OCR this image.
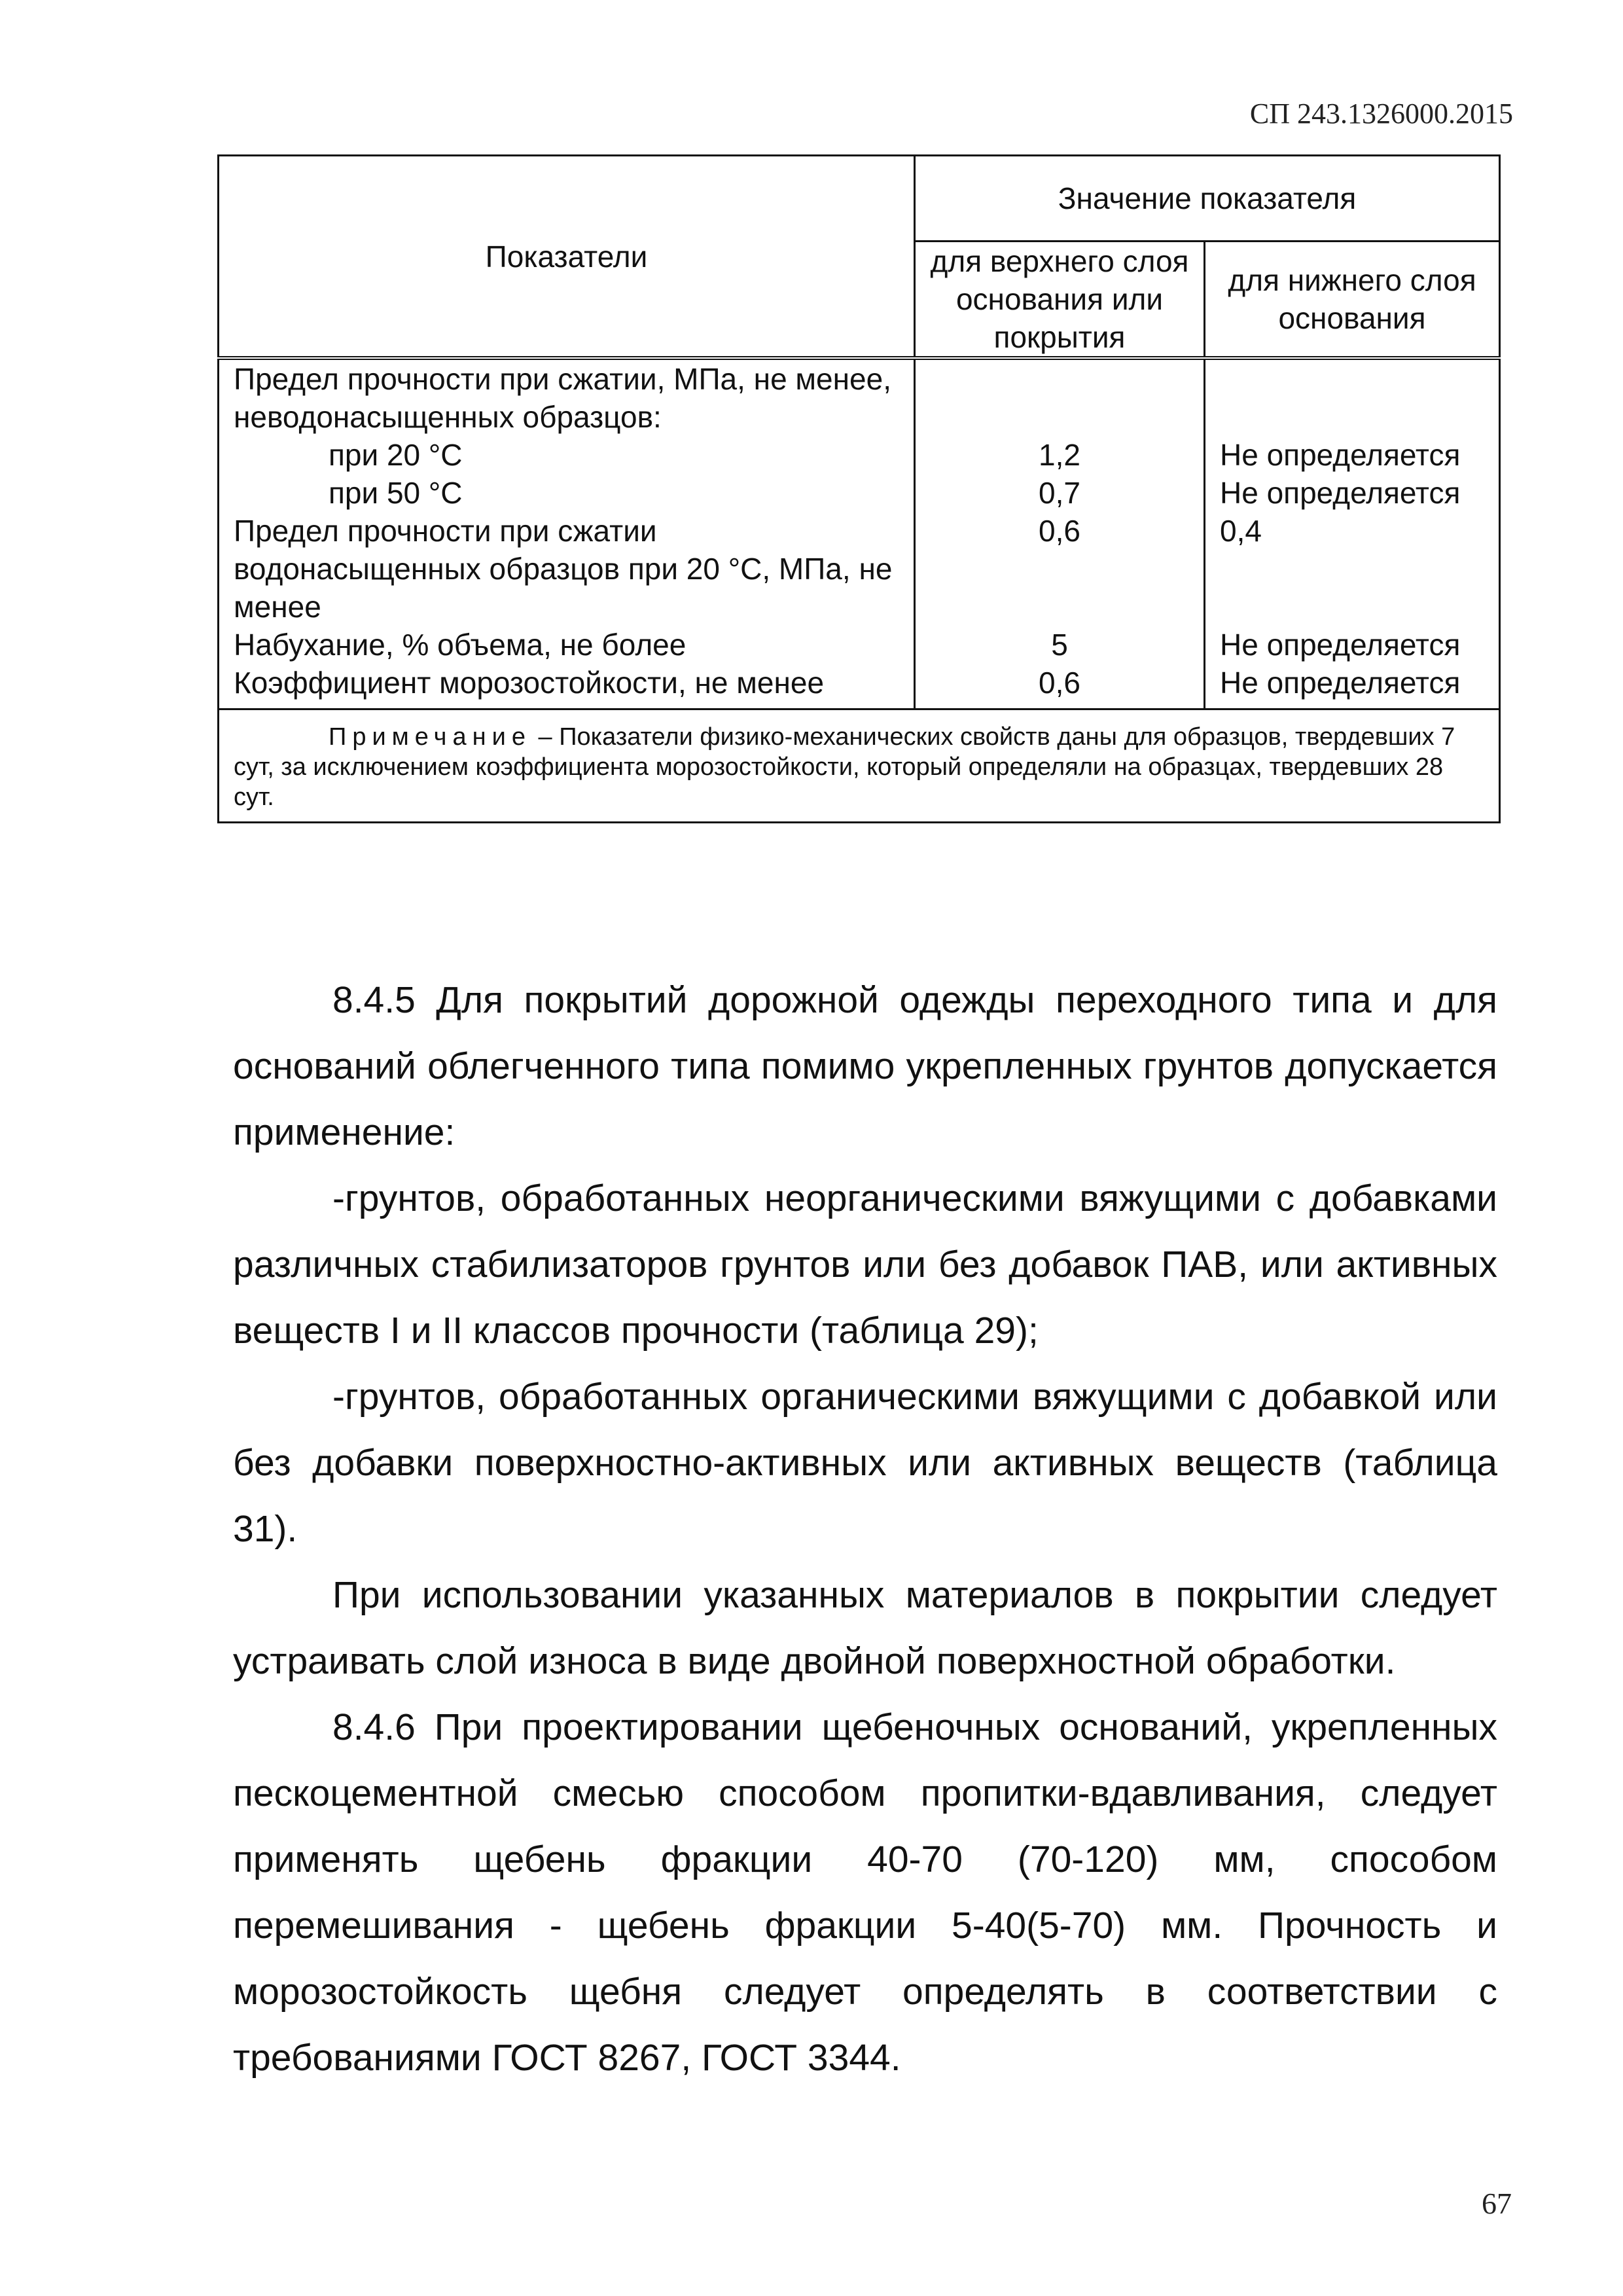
СП 243.1326000.2015
Показатели	Значение показателя	
	для верхнего слоя основания или покрытия	для нижнего слоя основания
Предел прочности при сжатии, МПа, не менее, неводонасыщенных образцов:		

при 20 °С	1,2	Не определяется

при 50 °С	0,7	Не определяется
Предел прочности при сжатии водонасыщенных образцов при 20 °С, МПа, не менее	0,6	0,4
Набухание, % объема, не более	5	Не определяется
Коэффициент морозостойкости, не менее	0,6	Не определяется
Примечание – Показатели физико-механических свойств даны для образцов, твердевших 7 сут, за исключением коэффициента морозостойкости, который определяли на образцах, твердевших 28 сут.		

8.4.5 Для покрытий дорожной одежды переходного типа и для оснований облегченного типа помимо укрепленных грунтов допускается применение:

-грунтов, обработанных неорганическими вяжущими с добавками различных стабилизаторов грунтов или без добавок ПАВ, или активных веществ I и II классов прочности (таблица 29);

-грунтов, обработанных органическими вяжущими с добавкой или без добавки поверхностно-активных или активных веществ (таблица 31).

При использовании указанных материалов в покрытии следует устраивать слой износа в виде двойной поверхностной обработки.

8.4.6 При проектировании щебеночных оснований, укрепленных пескоцементной смесью способом пропитки-вдавливания, следует применять щебень фракции 40-70 (70-120) мм, способом перемешивания - щебень фракции 5-40(5-70) мм. Прочность и морозостойкость щебня следует определять в соответствии с требованиями ГОСТ 8267, ГОСТ 3344.

67
